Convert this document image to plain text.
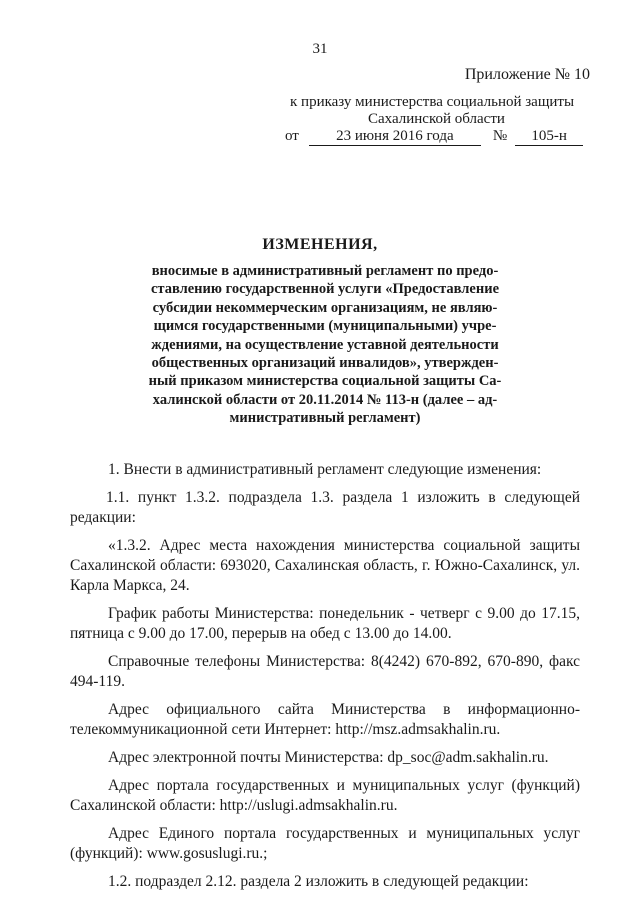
31
Приложение № 10
к приказу министерства социальной защиты
Сахалинской области
от 23 июня 2016 года	№ 105-н
ИЗМЕНЕНИЯ,
вносимые в административный регламент по предо-
ставлению государственной услуги «Предоставление
субсидии некоммерческим организациям, не являю-
щимся государственными (муниципальными) учре-
ждениями, на осуществление уставной деятельности
общественных организаций инвалидов», утвержден-
ный приказом министерства социальной защиты Са-
халинской области от 20.11.2014 № 113-н (далее – ад-
министративный регламент)

1. Внести в административный регламент следующие изменения:

1.1. пункт 1.3.2. подраздела 1.3. раздела 1 изложить в следующей редакции:

«1.3.2. Адрес места нахождения министерства социальной защиты Сахалинской области: 693020, Сахалинская область, г. Южно-Сахалинск, ул. Карла Маркса, 24.

График работы Министерства: понедельник - четверг с 9.00 до 17.15, пятница с 9.00 до 17.00, перерыв на обед с 13.00 до 14.00.

Справочные телефоны Министерства: 8(4242) 670-892, 670-890, факс 494-119.

Адрес официального сайта Министерства в информационно-телекоммуникационной сети Интернет: http://msz.admsakhalin.ru.

Адрес электронной почты Министерства: dp_soc@adm.sakhalin.ru.

Адрес портала государственных и муниципальных услуг (функций) Сахалинской области: http://uslugi.admsakhalin.ru.

Адрес Единого портала государственных и муниципальных услуг (функций): www.gosuslugi.ru.;

1.2. подраздел 2.12. раздела 2 изложить в следующей редакции:
